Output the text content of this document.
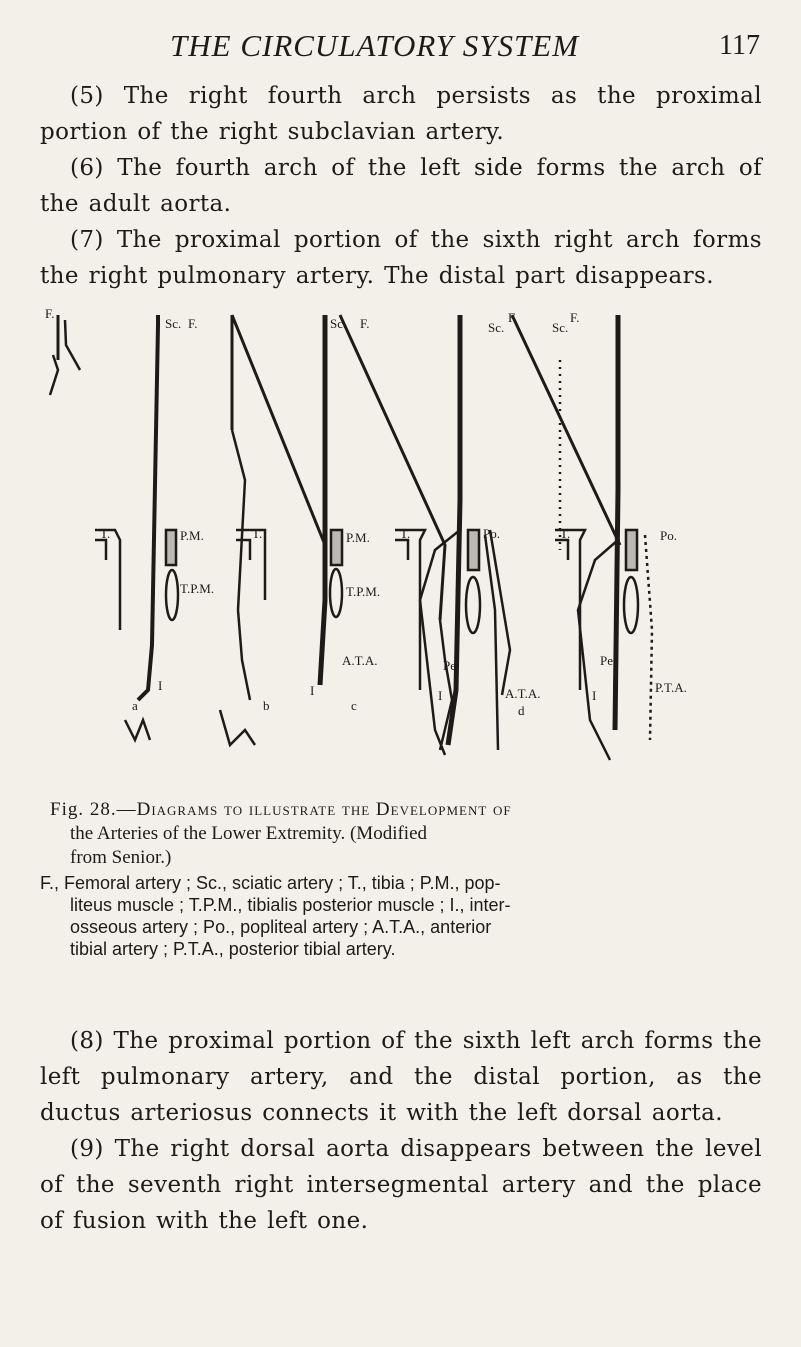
THE CIRCULATORY SYSTEM	117

(5) The right fourth arch persists as the proximal portion of the right subclavian artery.

(6) The fourth arch of the left side forms the arch of the adult aorta.

(7) The proximal portion of the sixth right arch forms the right pulmonary artery. The distal part disappears.

F.
Sc. F.
T.	P.M.
T.P.M.
I
a
Sc. F.
T.	P.M.
T.P.M.
I
b
Sc.
F.
T.	Po.
A.T.A.	Pe.
I
c
Sc.
F.
T.	Po.
A.T.A.
Pe.
P.T.A.
I
d
Fig. 28.—Diagrams to illustrate the Development of
the Arteries of the Lower Extremity. (Modified
from Senior.)
F., Femoral artery ; Sc., sciatic artery ; T., tibia ; P.M., pop-
liteus muscle ; T.P.M., tibialis posterior muscle ; I., inter-
osseous artery ; Po., popliteal artery ; A.T.A., anterior
tibial artery ; P.T.A., posterior tibial artery.

(8) The proximal portion of the sixth left arch forms the left pulmonary artery, and the distal portion, as the ductus arteriosus connects it with the left dorsal aorta.

(9) The right dorsal aorta disappears between the level of the seventh right intersegmental artery and the place of fusion with the left one.
